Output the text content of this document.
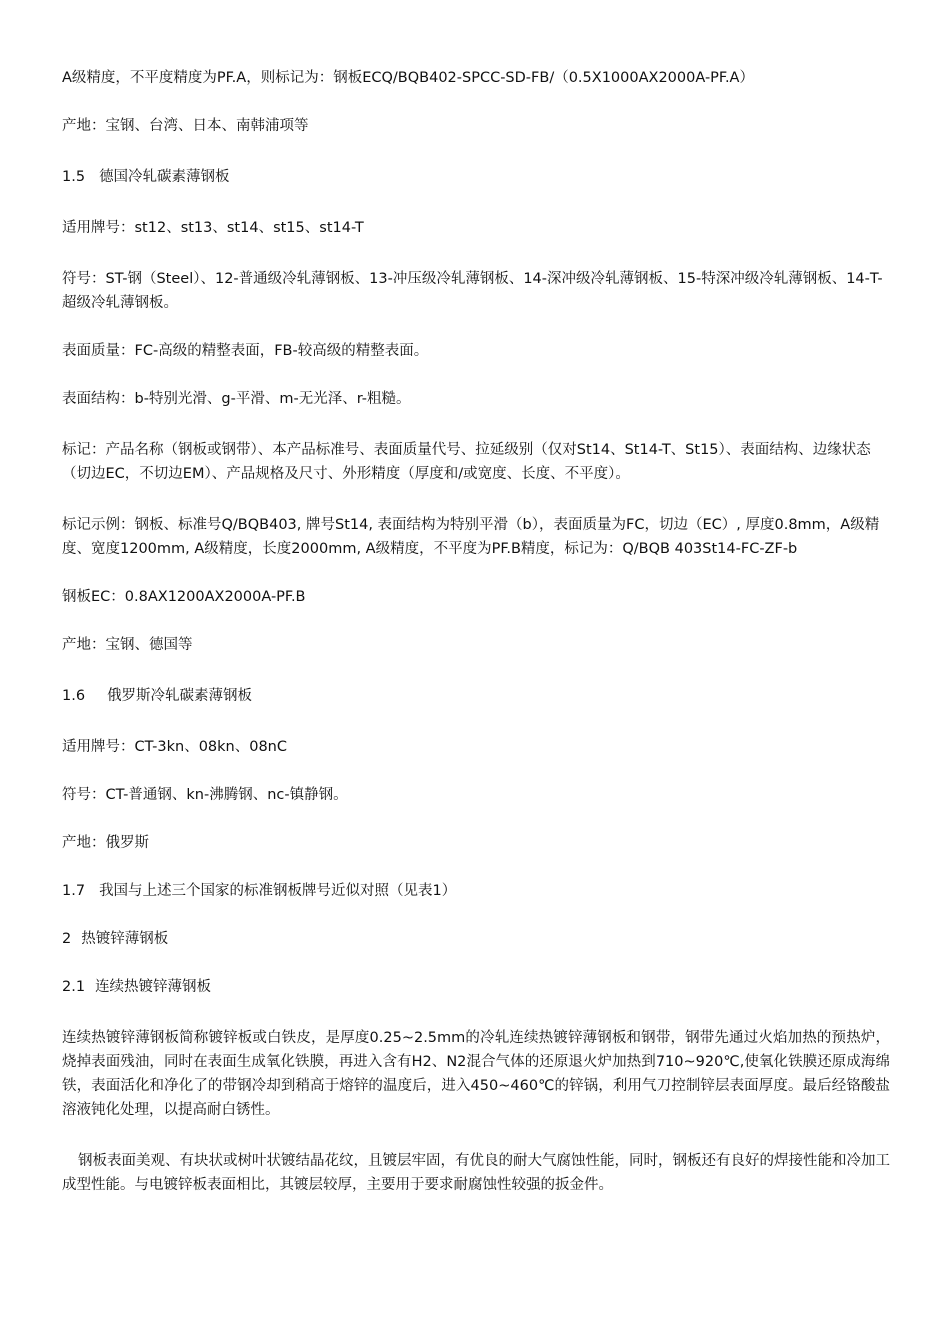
A级精度，不平度精度为PF.A，则标记为：钢板ECQ/BQB402-SPCC-SD-FB/（0.5Ⅹ1000AⅩ2000A-PF.A）

产地：宝钢、台湾、日本、南韩浦项等

1.5 德国冷轧碳素薄钢板

适用牌号：st12、st13、st14、st15、st14-T

符号：ST-钢（Steel）、12-普通级冷轧薄钢板、13-冲压级冷轧薄钢板、14-深冲级冷轧薄钢板、15-特深冲级冷轧薄钢板、14-T-超级冷轧薄钢板。

表面质量：FC-高级的精整表面，FB-较高级的精整表面。

表面结构：b-特别光滑、g-平滑、m-无光泽、r-粗糙。

标记：产品名称（钢板或钢带）、本产品标准号、表面质量代号、拉延级别（仅对St14、St14-T、St15）、表面结构、边缘状态（切边EC，不切边EM）、产品规格及尺寸、外形精度（厚度和/或宽度、长度、不平度）。

标记示例：钢板、标准号Q/BQB403, 牌号St14, 表面结构为特别平滑（b），表面质量为FC，切边（EC）, 厚度0.8mm，A级精度、宽度1200mm, A级精度，长度2000mm, A级精度，不平度为PF.B精度，标记为：Q/BQB 403St14-FC-ZF-b

钢板EC：0.8AⅩ1200AⅩ2000A-PF.B

产地：宝钢、德国等

1.6 俄罗斯冷轧碳素薄钢板

适用牌号：CT-3kn、08kn、08nC

符号：CT-普通钢、kn-沸腾钢、nc-镇静钢。

产地：俄罗斯

1.7 我国与上述三个国家的标准钢板牌号近似对照（见表1）

2 热镀锌薄钢板

2.1 连续热镀锌薄钢板

连续热镀锌薄钢板简称镀锌板或白铁皮，是厚度0.25~2.5mm的冷轧连续热镀锌薄钢板和钢带，钢带先通过火焰加热的预热炉，烧掉表面残油，同时在表面生成氧化铁膜，再进入含有H2、N2混合气体的还原退火炉加热到710~920℃,使氧化铁膜还原成海绵铁，表面活化和净化了的带钢冷却到稍高于熔锌的温度后，进入450~460℃的锌锅，利用气刀控制锌层表面厚度。最后经铬酸盐溶液钝化处理，以提高耐白锈性。

钢板表面美观、有块状或树叶状镀结晶花纹，且镀层牢固，有优良的耐大气腐蚀性能，同时，钢板还有良好的焊接性能和冷加工成型性能。与电镀锌板表面相比，其镀层较厚，主要用于要求耐腐蚀性较强的扳金件。
